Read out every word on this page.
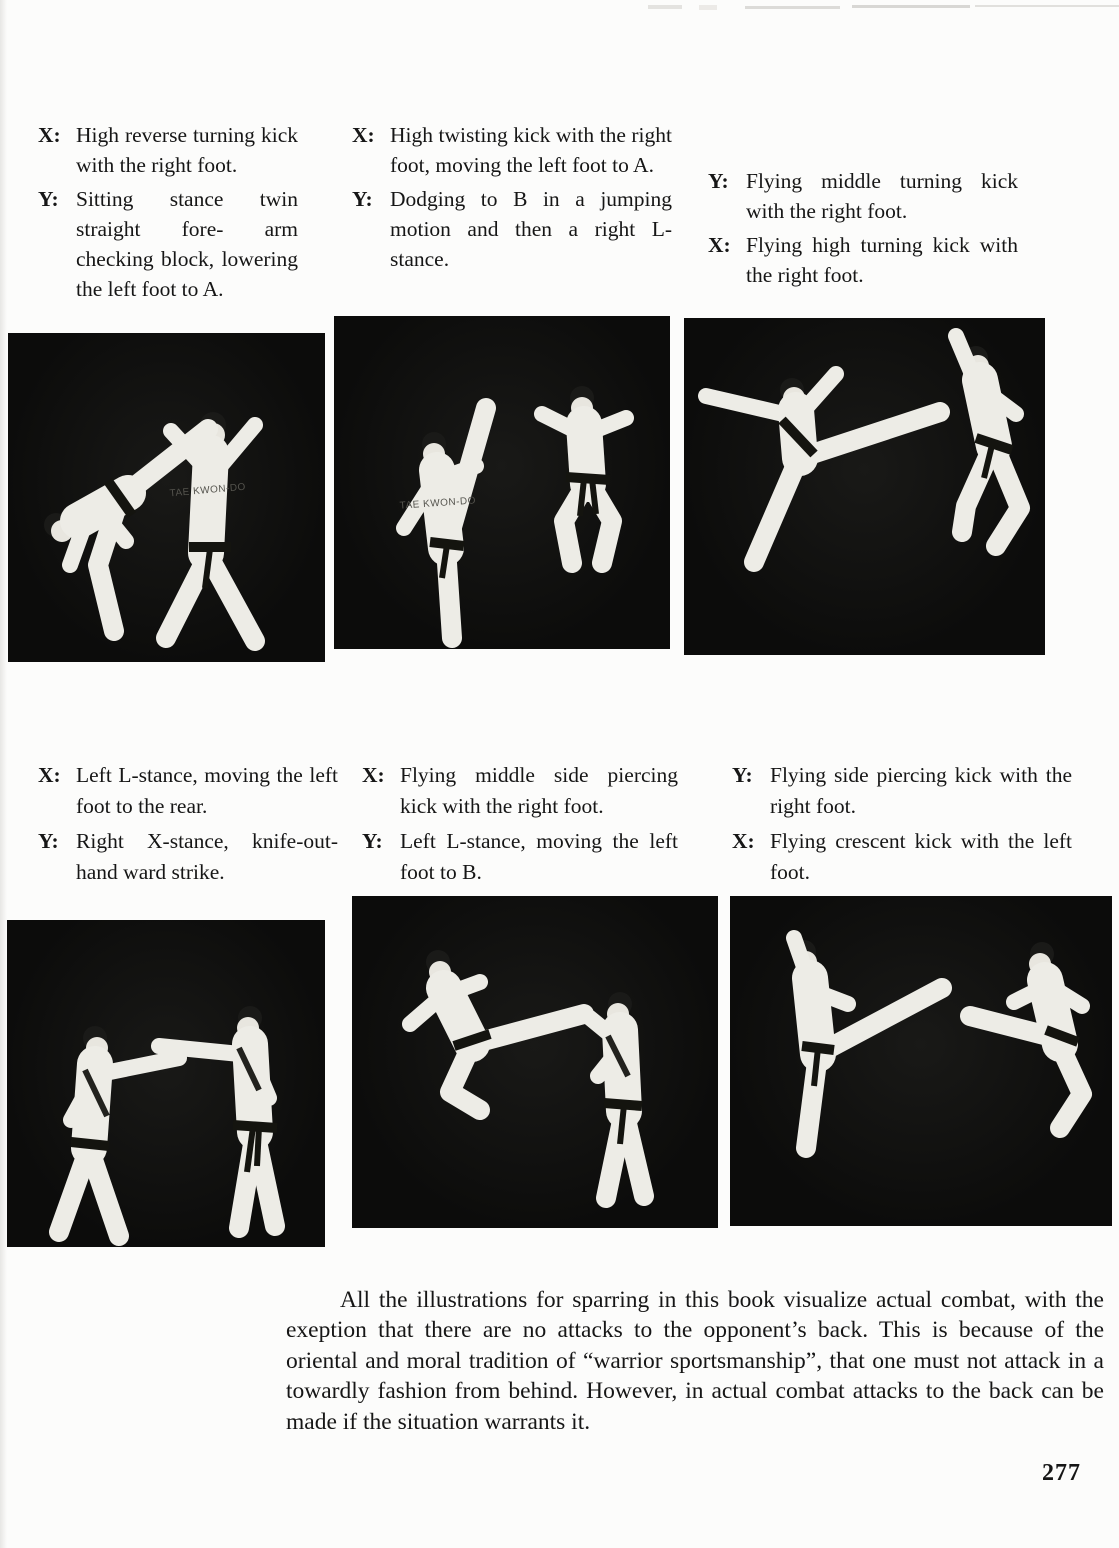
X: High reverse turning kick with the right foot.
Y: Sitting stance twin straight fore- arm checking block, lowering the left foot to A.
X: High twisting kick with the right foot, moving the left foot to A.
Y: Dodging to B in a jumping motion and then a right L-stance.
Y: Flying middle turning kick with the right foot.
X: Flying high turning kick with the right foot.
TAE KWON-DO
TAE KWON-DO
X: Left L-stance, moving the left foot to the rear.
Y: Right X-stance, knife-out-hand ward strike.
X: Flying middle side piercing kick with the right foot.
Y: Left L-stance, moving the left foot to B.
Y: Flying side piercing kick with the right foot.
X: Flying crescent kick with the left foot.

All the illustrations for sparring in this book visualize actual combat, with the exeption that there are no attacks to the opponent’s back. This is because of the oriental and moral tradition of “warrior sportsmanship”, that one must not attack in a towardly fashion from behind. However, in actual combat attacks to the back can be made if the situation warrants it.

277
